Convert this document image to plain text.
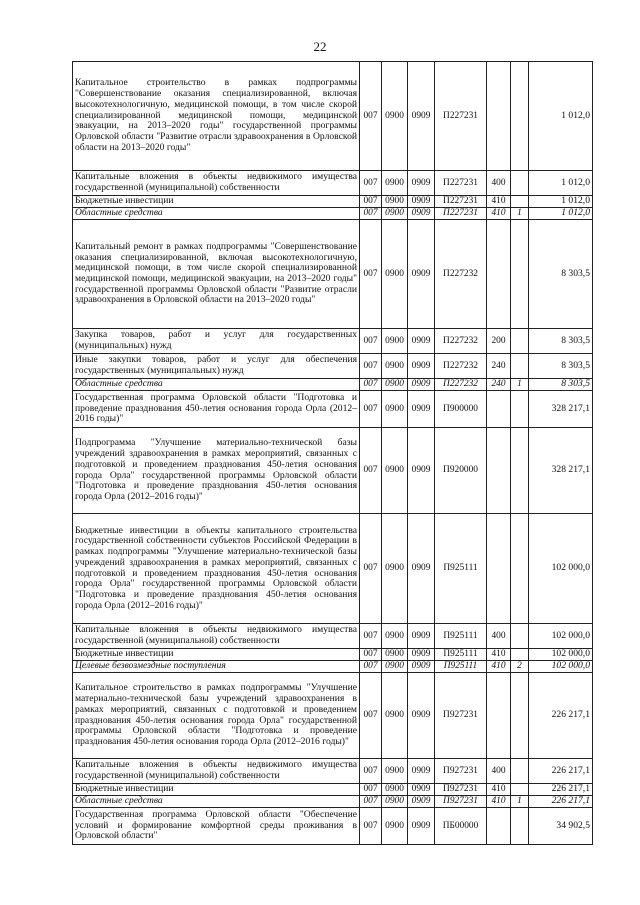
22
Капитальное строительство в рамках подпрограммы "Совершенствование оказания специализированной, включая высокотехнологичную, медицинской помощи, в том числе скорой специализированной медицинской помощи, медицинской эвакуации, на 2013–2020 годы" государственной программы Орловской области "Развитие отрасли здравоохранения в Орловской области на 2013–2020 годы"	007	0900	0909	П227231			1 012,0
Капитальные вложения в объекты недвижимого имущества государственной (муниципальной) собственности	007	0900	0909	П227231	400		1 012,0
Бюджетные инвестиции	007	0900	0909	П227231	410		1 012,0
Областные средства	007	0900	0909	П227231	410	1	1 012,0
Капитальный ремонт в рамках подпрограммы "Совершенствование оказания специализированной, включая высокотехнологичную, медицинской помощи, в том числе скорой специализированной медицинской помощи, медицинской эвакуации, на 2013–2020 годы" государственной программы Орловской области "Развитие отрасли здравоохранения в Орловской области на 2013–2020 годы"	007	0900	0909	П227232			8 303,5
Закупка товаров, работ и услуг для государственных (муниципальных) нужд	007	0900	0909	П227232	200		8 303,5
Иные закупки товаров, работ и услуг для обеспечения государственных (муниципальных) нужд	007	0900	0909	П227232	240		8 303,5
Областные средства	007	0900	0909	П227232	240	1	8 303,5
Государственная программа Орловской области "Подготовка и проведение празднования 450-летия основания города Орла (2012–2016 годы)"	007	0900	0909	П900000			328 217,1
Подпрограмма "Улучшение материально-технической базы учреждений здравоохранения в рамках мероприятий, связанных с подготовкой и проведением празднования 450-летия основания города Орла" государственной программы Орловской области "Подготовка и проведение празднования 450-летия основания города Орла (2012–2016 годы)"	007	0900	0909	П920000			328 217,1
Бюджетные инвестиции в объекты капитального строительства государственной собственности субъектов Российской Федерации в рамках подпрограммы "Улучшение материально-технической базы учреждений здравоохранения в рамках мероприятий, связанных с подготовкой и проведением празднования 450-летия основания города Орла" государственной программы Орловской области "Подготовка и проведение празднования 450-летия основания города Орла (2012–2016 годы)"	007	0900	0909	П925111			102 000,0
Капитальные вложения в объекты недвижимого имущества государственной (муниципальной) собственности	007	0900	0909	П925111	400		102 000,0
Бюджетные инвестиции	007	0900	0909	П925111	410		102 000,0
Целевые безвозмездные поступления	007	0900	0909	П925111	410	2	102 000,0
Капитальное строительство в рамках подпрограммы "Улучшение материально-технической базы учреждений здравоохранения в рамках мероприятий, связанных с подготовкой и проведением празднования 450-летия основания города Орла" государственной программы Орловской области "Подготовка и проведение празднования 450-летия основания города Орла (2012–2016 годы)"	007	0900	0909	П927231			226 217,1
Капитальные вложения в объекты недвижимого имущества государственной (муниципальной) собственности	007	0900	0909	П927231	400		226 217,1
Бюджетные инвестиции	007	0900	0909	П927231	410		226 217,1
Областные средства	007	0900	0909	П927231	410	1	226 217,1
Государственная программа Орловской области "Обеспечение условий и формирование комфортной среды проживания в Орловской области"	007	0900	0909	ПБ00000			34 902,5
